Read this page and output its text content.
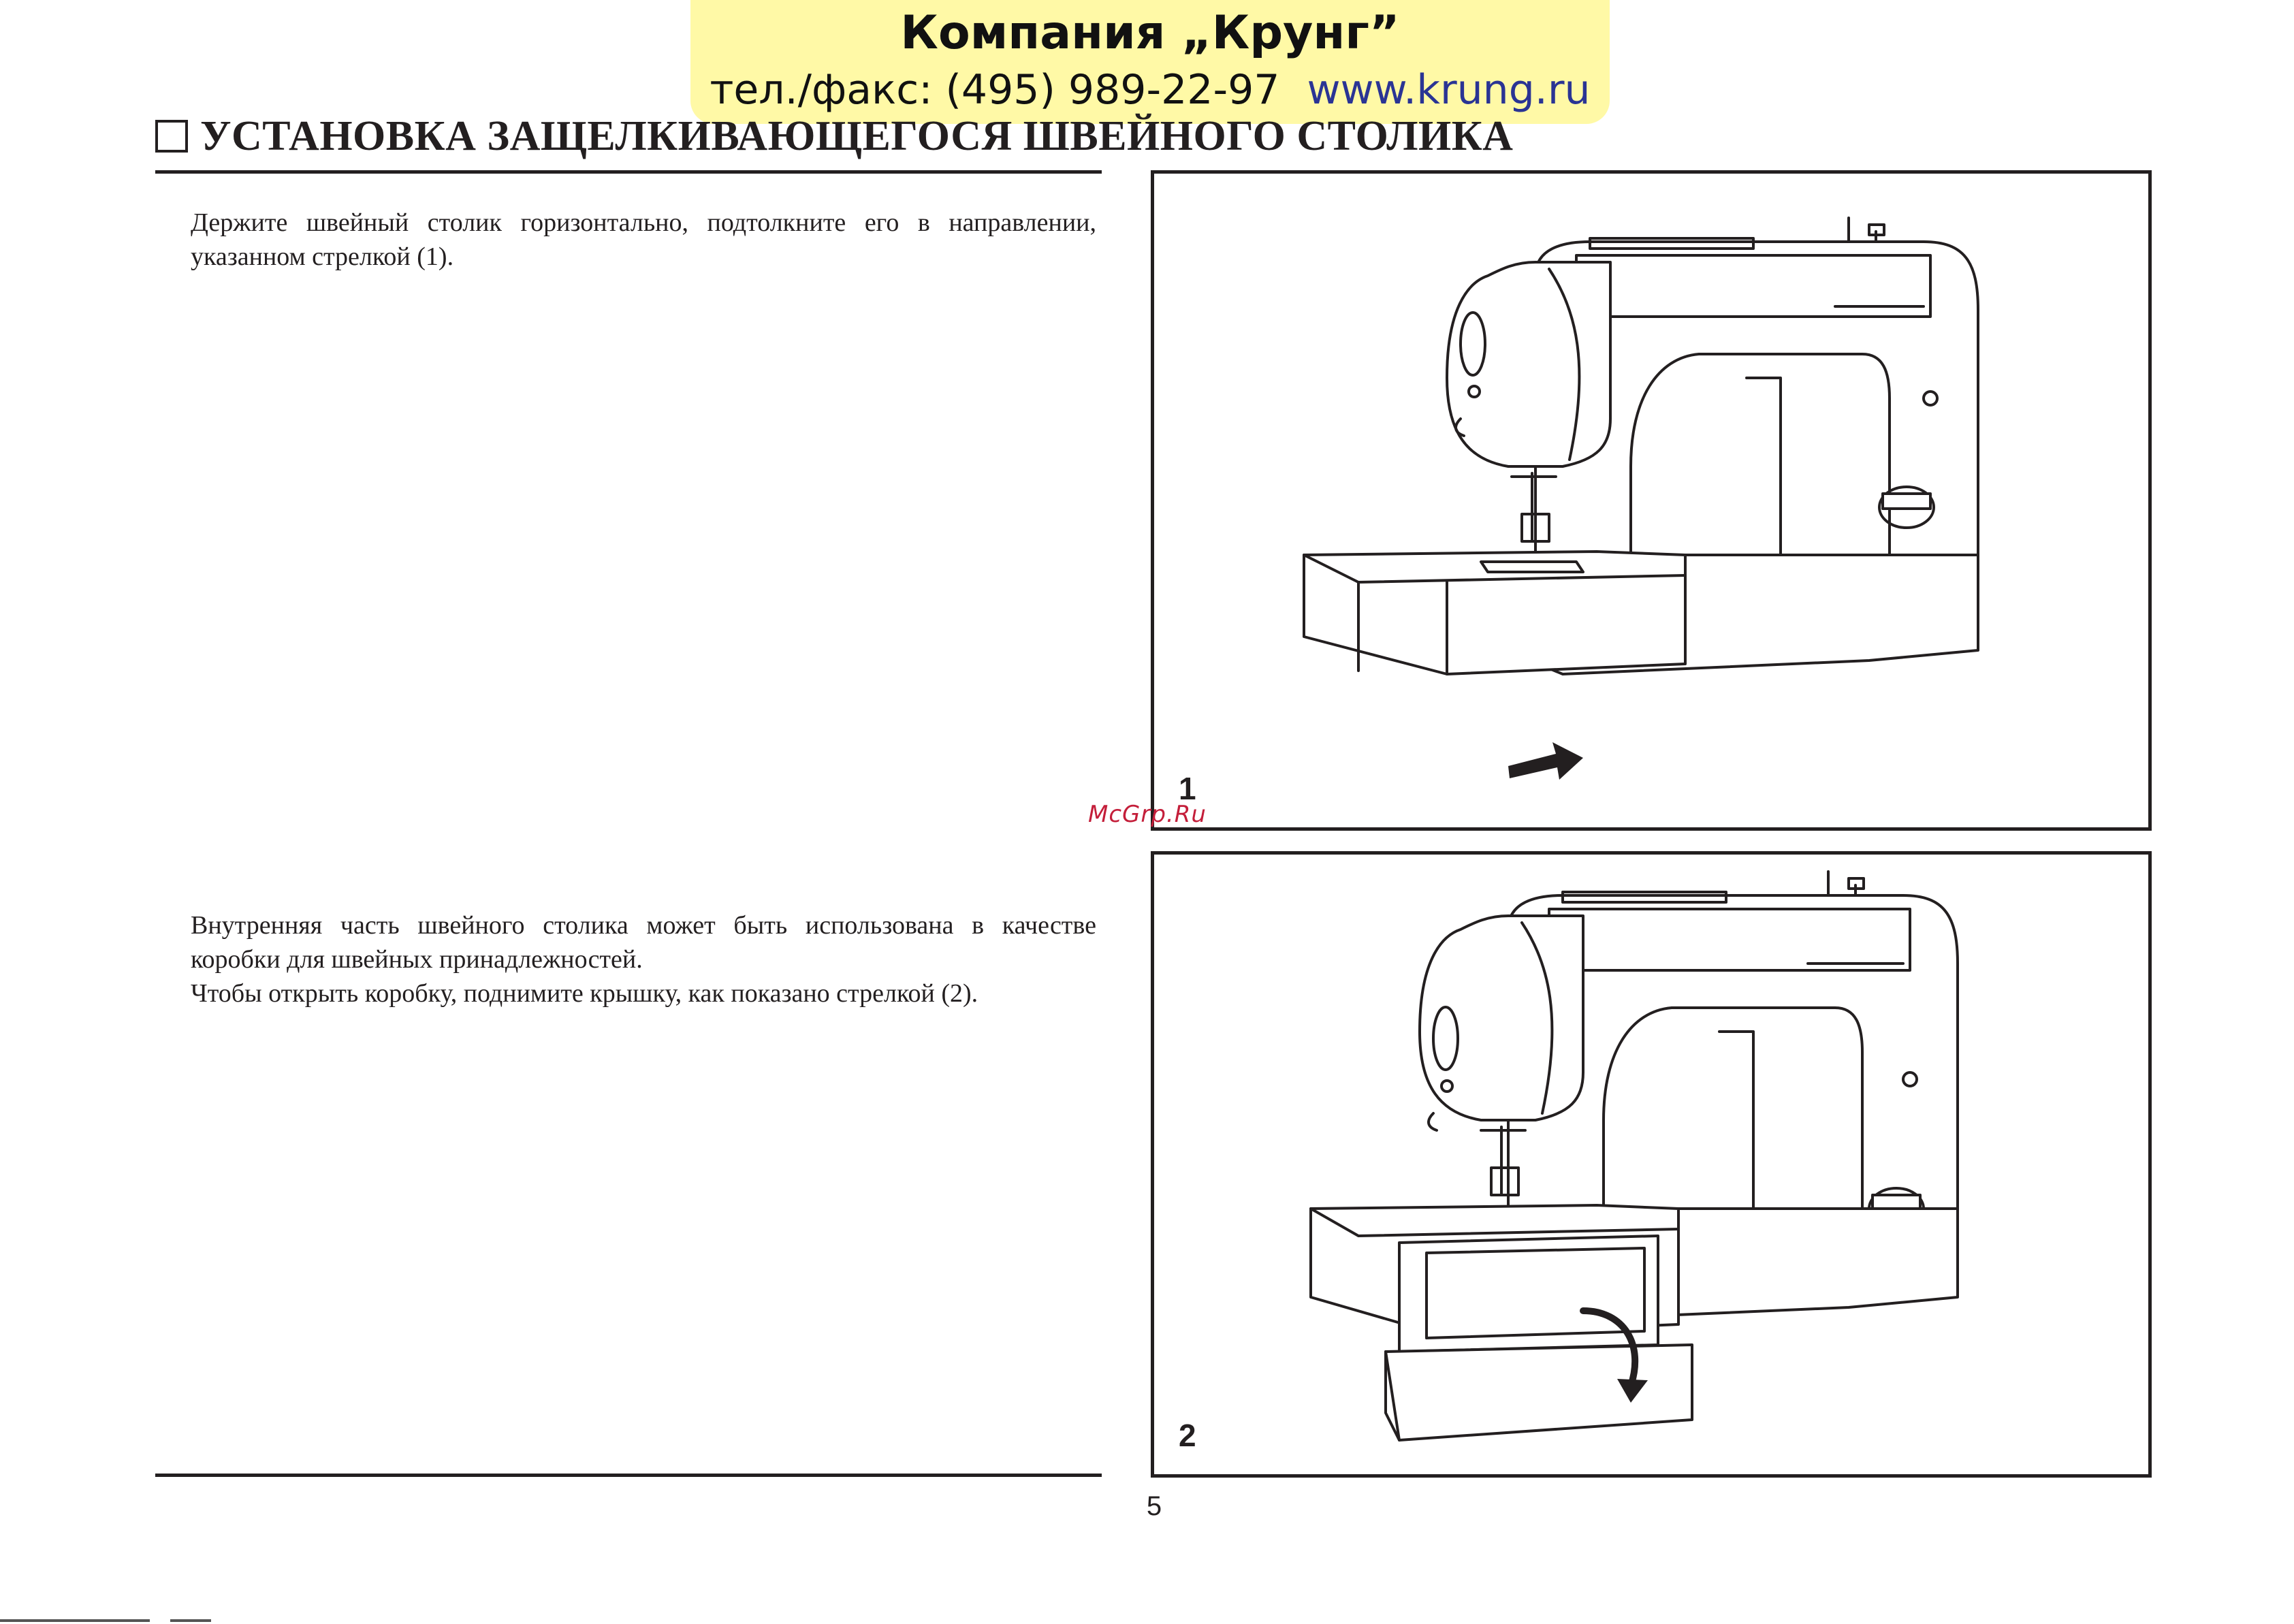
Компания „Крунг”
тел./факс: (495) 989-22-97 www.krung.ru
УСТАНОВКА ЗАЩЕЛКИВАЮЩЕГОСЯ ШВЕЙНОГО СТОЛИКА

Держите швейный столик горизонтально, подтолкните его в направлении, указанном стрелкой (1).

Внутренняя часть швейного столика может быть использована в качестве коробки для швейных принадлежностей.

Чтобы открыть коробку, поднимите крышку, как показано стрелкой (2).

1
2
McGrp.Ru
5
